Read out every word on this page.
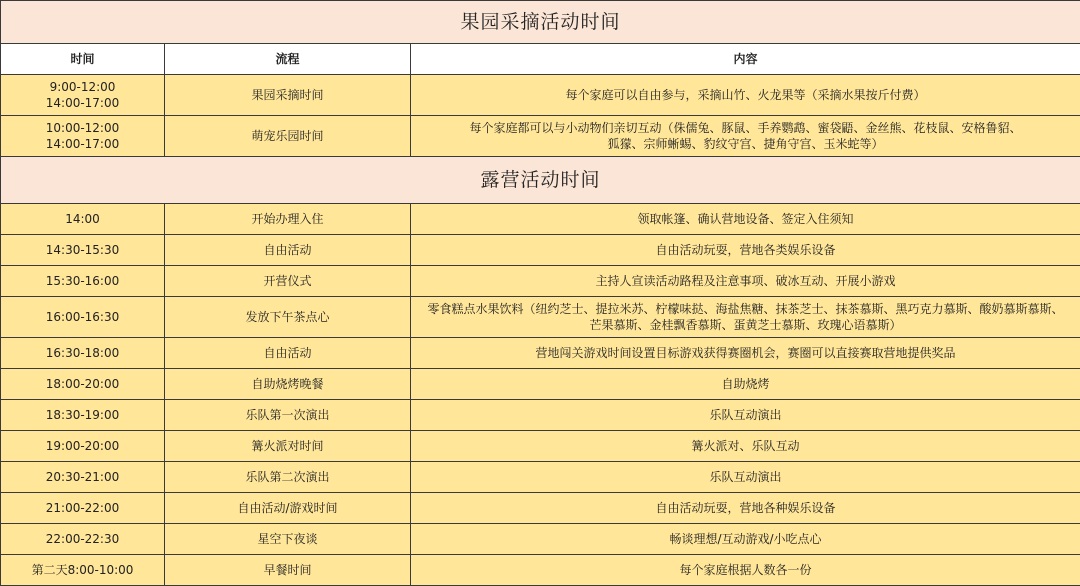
果园采摘活动时间		
时间	流程	内容

9:00-12:00
14:00-17:00	果园采摘时间	每个家庭可以自由参与，采摘山竹、火龙果等（采摘水果按斤付费）

10:00-12:00
14:00-17:00	萌宠乐园时间	每个家庭都可以与小动物们亲切互动（侏儒兔、豚鼠、手养鹦鹉、蜜袋鼯、金丝熊、花枝鼠、安格鲁貂、
狐獴、宗师蜥蜴、豹纹守宫、捷角守宫、玉米蛇等）

露营活动时间		

14:00	开始办理入住	领取帐篷、确认营地设备、签定入住须知

14:30-15:30	自由活动	自由活动玩耍，营地各类娱乐设备

15:30-16:00	开营仪式	主持人宣读活动路程及注意事项、破冰互动、开展小游戏

16:00-16:30	发放下午茶点心	零食糕点水果饮料（纽约芝士、提拉米苏、柠檬味挞、海盐焦糖、抹茶芝士、抹茶慕斯、黑巧克力慕斯、酸奶慕斯慕斯、
芒果慕斯、金桂飘香慕斯、蛋黄芝士慕斯、玫瑰心语慕斯）

16:30-18:00	自由活动	营地闯关游戏时间设置目标游戏获得赛圈机会，赛圈可以直接赛取营地提供奖品

18:00-20:00	自助烧烤晚餐	自助烧烤

18:30-19:00	乐队第一次演出	乐队互动演出

19:00-20:00	篝火派对时间	篝火派对、乐队互动

20:30-21:00	乐队第二次演出	乐队互动演出

21:00-22:00	自由活动/游戏时间	自由活动玩耍，营地各种娱乐设备

22:00-22:30	星空下夜谈	畅谈理想/互动游戏/小吃点心

第二天8:00-10:00	早餐时间	每个家庭根据人数各一份
